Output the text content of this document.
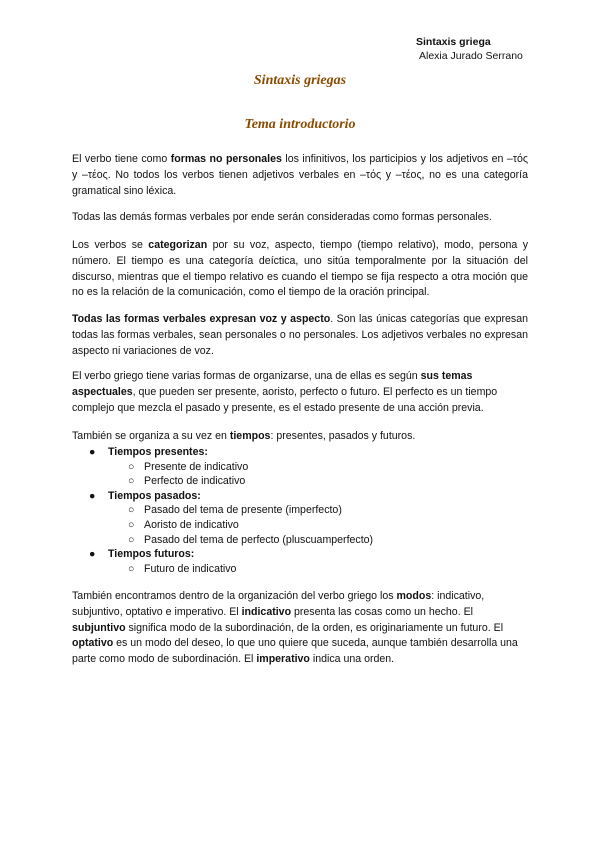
Sintaxis griega
Alexia Jurado Serrano
Sintaxis griegas
Tema introductorio
El verbo tiene como formas no personales los infinitivos, los participios y los adjetivos en –τός y –τέος. No todos los verbos tienen adjetivos verbales en –τός y –τέος, no es una categoría gramatical sino léxica.
Todas las demás formas verbales por ende serán consideradas como formas personales.
Los verbos se categorizan por su voz, aspecto, tiempo (tiempo relativo), modo, persona y número. El tiempo es una categoría deíctica, uno sitúa temporalmente por la situación del discurso, mientras que el tiempo relativo es cuando el tiempo se fija respecto a otra moción que no es la relación de la comunicación, como el tiempo de la oración principal.
Todas las formas verbales expresan voz y aspecto. Son las únicas categorías que expresan todas las formas verbales, sean personales o no personales. Los adjetivos verbales no expresan aspecto ni variaciones de voz.
El verbo griego tiene varias formas de organizarse, una de ellas es según sus temas aspectuales, que pueden ser presente, aoristo, perfecto o futuro. El perfecto es un tiempo complejo que mezcla el pasado y presente, es el estado presente de una acción previa.
También se organiza a su vez en tiempos: presentes, pasados y futuros.
● Tiempos presentes:
○ Presente de indicativo
○ Perfecto de indicativo
● Tiempos pasados:
○ Pasado del tema de presente (imperfecto)
○ Aoristo de indicativo
○ Pasado del tema de perfecto (pluscuamperfecto)
● Tiempos futuros:
○ Futuro de indicativo
También encontramos dentro de la organización del verbo griego los modos: indicativo, subjuntivo, optativo e imperativo. El indicativo presenta las cosas como un hecho. El subjuntivo significa modo de la subordinación, de la orden, es originariamente un futuro. El optativo es un modo del deseo, lo que uno quiere que suceda, aunque también desarrolla una parte como modo de subordinación. El imperativo indica una orden.
